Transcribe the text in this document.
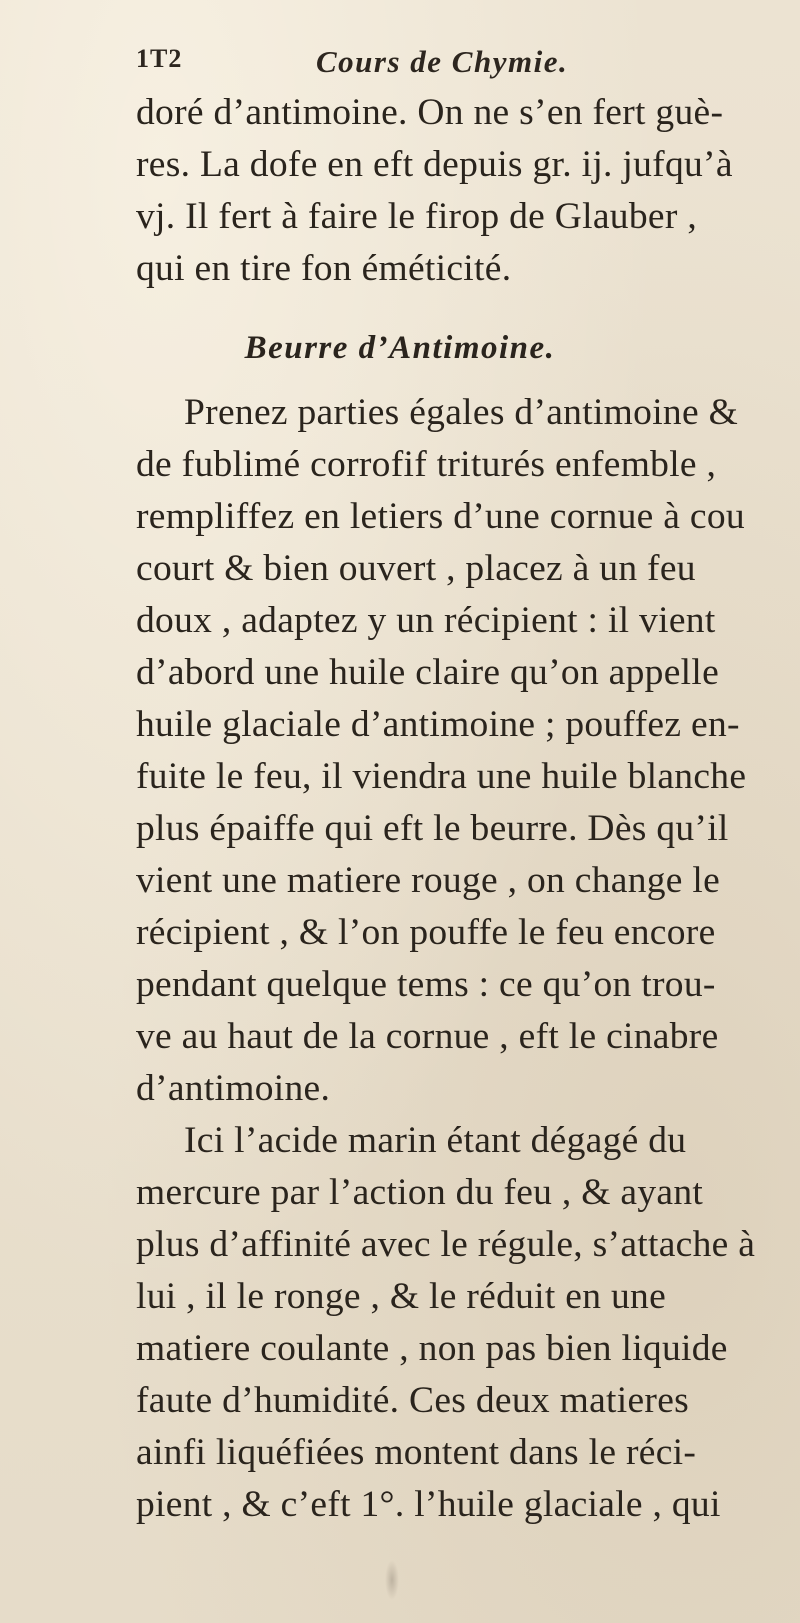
1T2	Cours de Chymie.
doré d’antimoine. On ne s’en fert guè-
res. La dofe en eft depuis gr. ij. jufqu’à
vj. Il fert à faire le firop de Glauber ,
qui en tire fon éméticité.
Beurre d’Antimoine.
Prenez parties égales d’antimoine &
de fublimé corrofif triturés enfemble ,
rempliffez en letiers d’une cornue à cou
court & bien ouvert , placez à un feu
doux , adaptez y un récipient : il vient
d’abord une huile claire qu’on appelle
huile glaciale d’antimoine ; pouffez en-
fuite le feu, il viendra une huile blanche
plus épaiffe qui eft le beurre. Dès qu’il
vient une matiere rouge , on change le
récipient , & l’on pouffe le feu encore
pendant quelque tems : ce qu’on trou-
ve au haut de la cornue , eft le cinabre
d’antimoine.
Ici l’acide marin étant dégagé du
mercure par l’action du feu , & ayant
plus d’affinité avec le régule, s’attache à
lui , il le ronge , & le réduit en une
matiere coulante , non pas bien liquide
faute d’humidité. Ces deux matieres
ainfi liquéfiées montent dans le réci-
pient , & c’eft 1°. l’huile glaciale , qui
